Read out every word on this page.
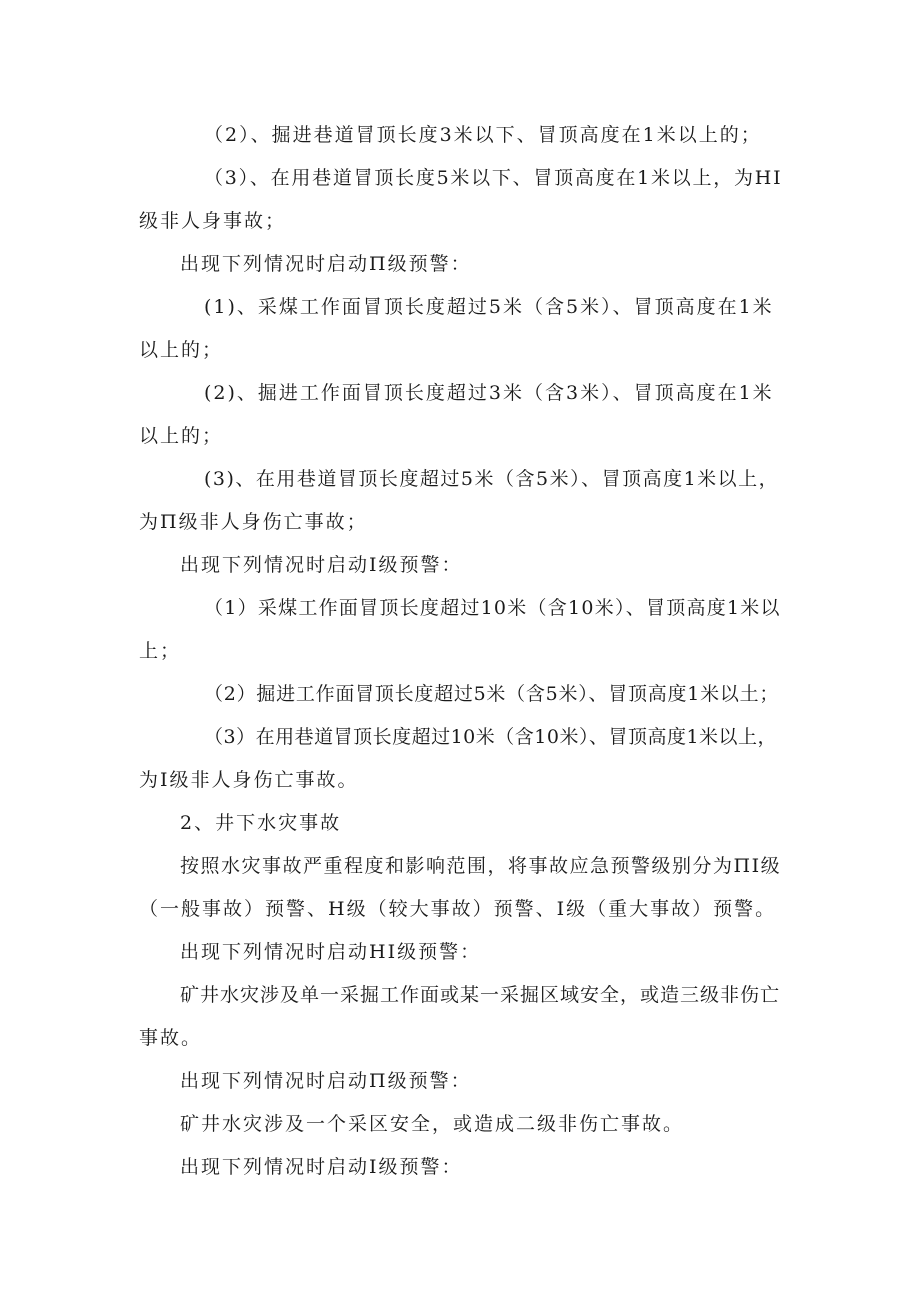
（2）、掘进巷道冒顶长度3米以下、冒顶高度在1米以上的；
（3）、在用巷道冒顶长度5米以下、冒顶高度在1米以上，为HI
级非人身事故；
出现下列情况时启动Π级预警：
(1)、采煤工作面冒顶长度超过5米（含5米）、冒顶高度在1米
以上的；
(2)、掘进工作面冒顶长度超过3米（含3米）、冒顶高度在1米
以上的；
(3)、在用巷道冒顶长度超过5米（含5米）、冒顶高度1米以上，
为Π级非人身伤亡事故；
出现下列情况时启动Ⅰ级预警：
（1）采煤工作面冒顶长度超过10米（含10米）、冒顶高度1米以
上；
（2）掘进工作面冒顶长度超过5米（含5米）、冒顶高度1米以土；
（3）在用巷道冒顶长度超过10米（含10米）、冒顶高度1米以上，
为Ⅰ级非人身伤亡事故。
2、井下水灾事故
按照水灾事故严重程度和影响范围，将事故应急预警级别分为ΠⅠ级
（一般事故）预警、H级（较大事故）预警、Ⅰ级（重大事故）预警。
出现下列情况时启动HI级预警：
矿井水灾涉及单一采掘工作面或某一采掘区域安全，或造三级非伤亡
事故。
出现下列情况时启动Π级预警：
矿井水灾涉及一个采区安全，或造成二级非伤亡事故。
出现下列情况时启动Ⅰ级预警：
